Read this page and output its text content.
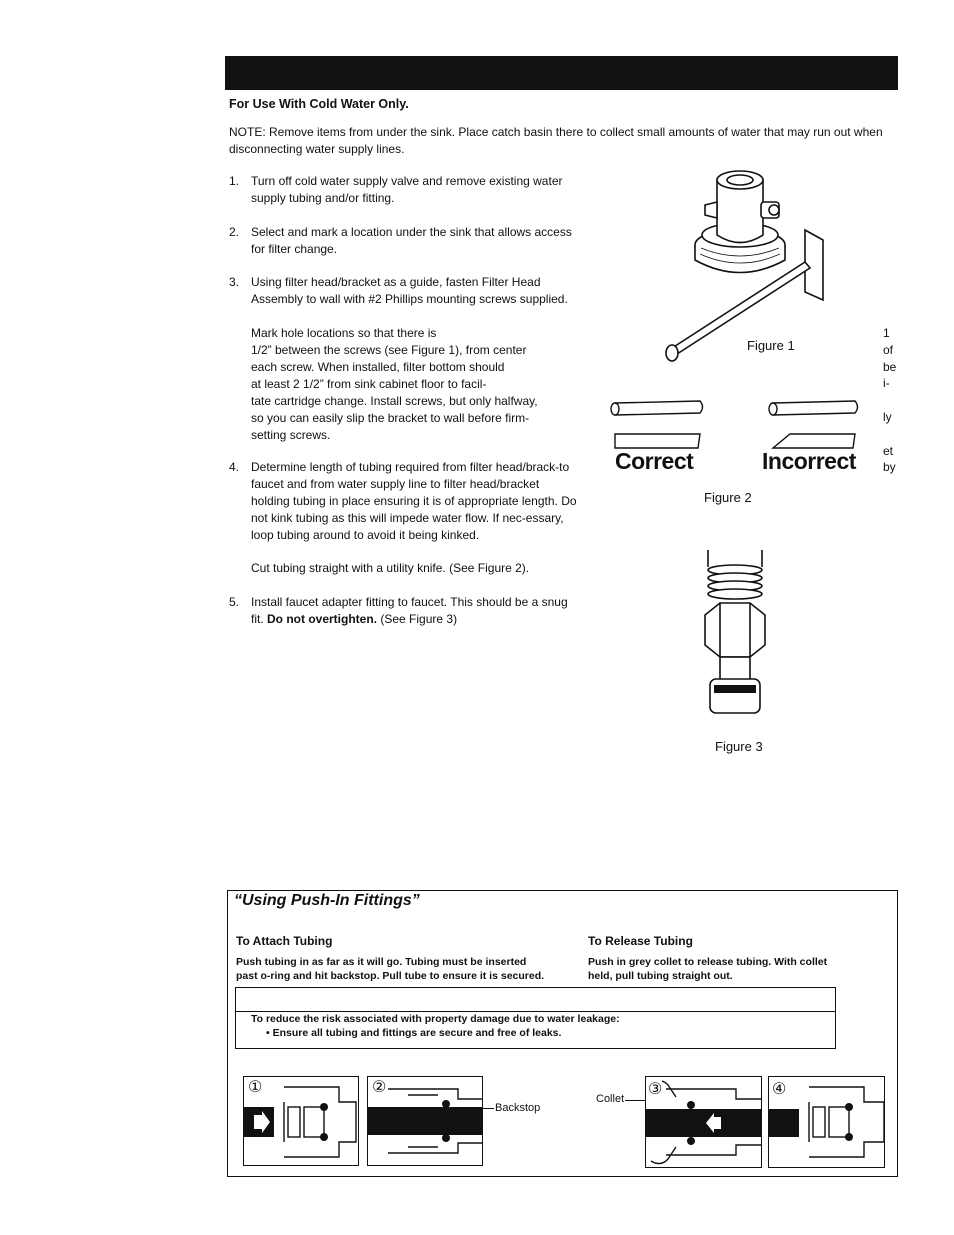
For Use With Cold Water Only.
NOTE: Remove items from under the sink. Place catch basin there to collect small amounts of water that may run out when disconnecting water supply lines.
1. Turn off cold water supply valve and remove existing water supply tubing and/or fitting.
2. Select and mark a location under the sink that allows access for filter change.
3. Using filter head/bracket as a guide, fasten Filter Head Assembly to wall with #2 Phillips mounting screws supplied.
Mark hole locations so that there is
1/2” between the screws (see Figure 1), from center
each screw. When installed, filter bottom should
at least 2 1/2” from sink cabinet floor to facil-
tate cartridge change. Install screws, but only halfway,
so you can easily slip the bracket to wall before firm-
setting screws.
4. Determine length of tubing required from filter head/brack-to faucet and from water supply line to filter head/bracket holding tubing in place ensuring it is of appropriate length. Do not kink tubing as this will impede water flow. If nec-essary, loop tubing around to avoid it being kinked.
Cut tubing straight with a utility knife. (See Figure 2).
5. Install faucet adapter fitting to faucet. This should be a snug fit. Do not overtighten. (See Figure 3)
1
of
be
i-
ly
et
by
Figure 1
Correct	Incorrect
Figure 2
Figure 3
“Using Push-In Fittings”
To Attach Tubing
Push tubing in as far as it will go. Tubing must be inserted
past o-ring and hit backstop. Pull tube to ensure it is secured.
To Release Tubing
Push in grey collet to release tubing. With collet
held, pull tubing straight out.
To reduce the risk associated with property damage due to water leakage:
• Ensure all tubing and fittings are secure and free of leaks.
①	②
Backstop
Collet
③	④
